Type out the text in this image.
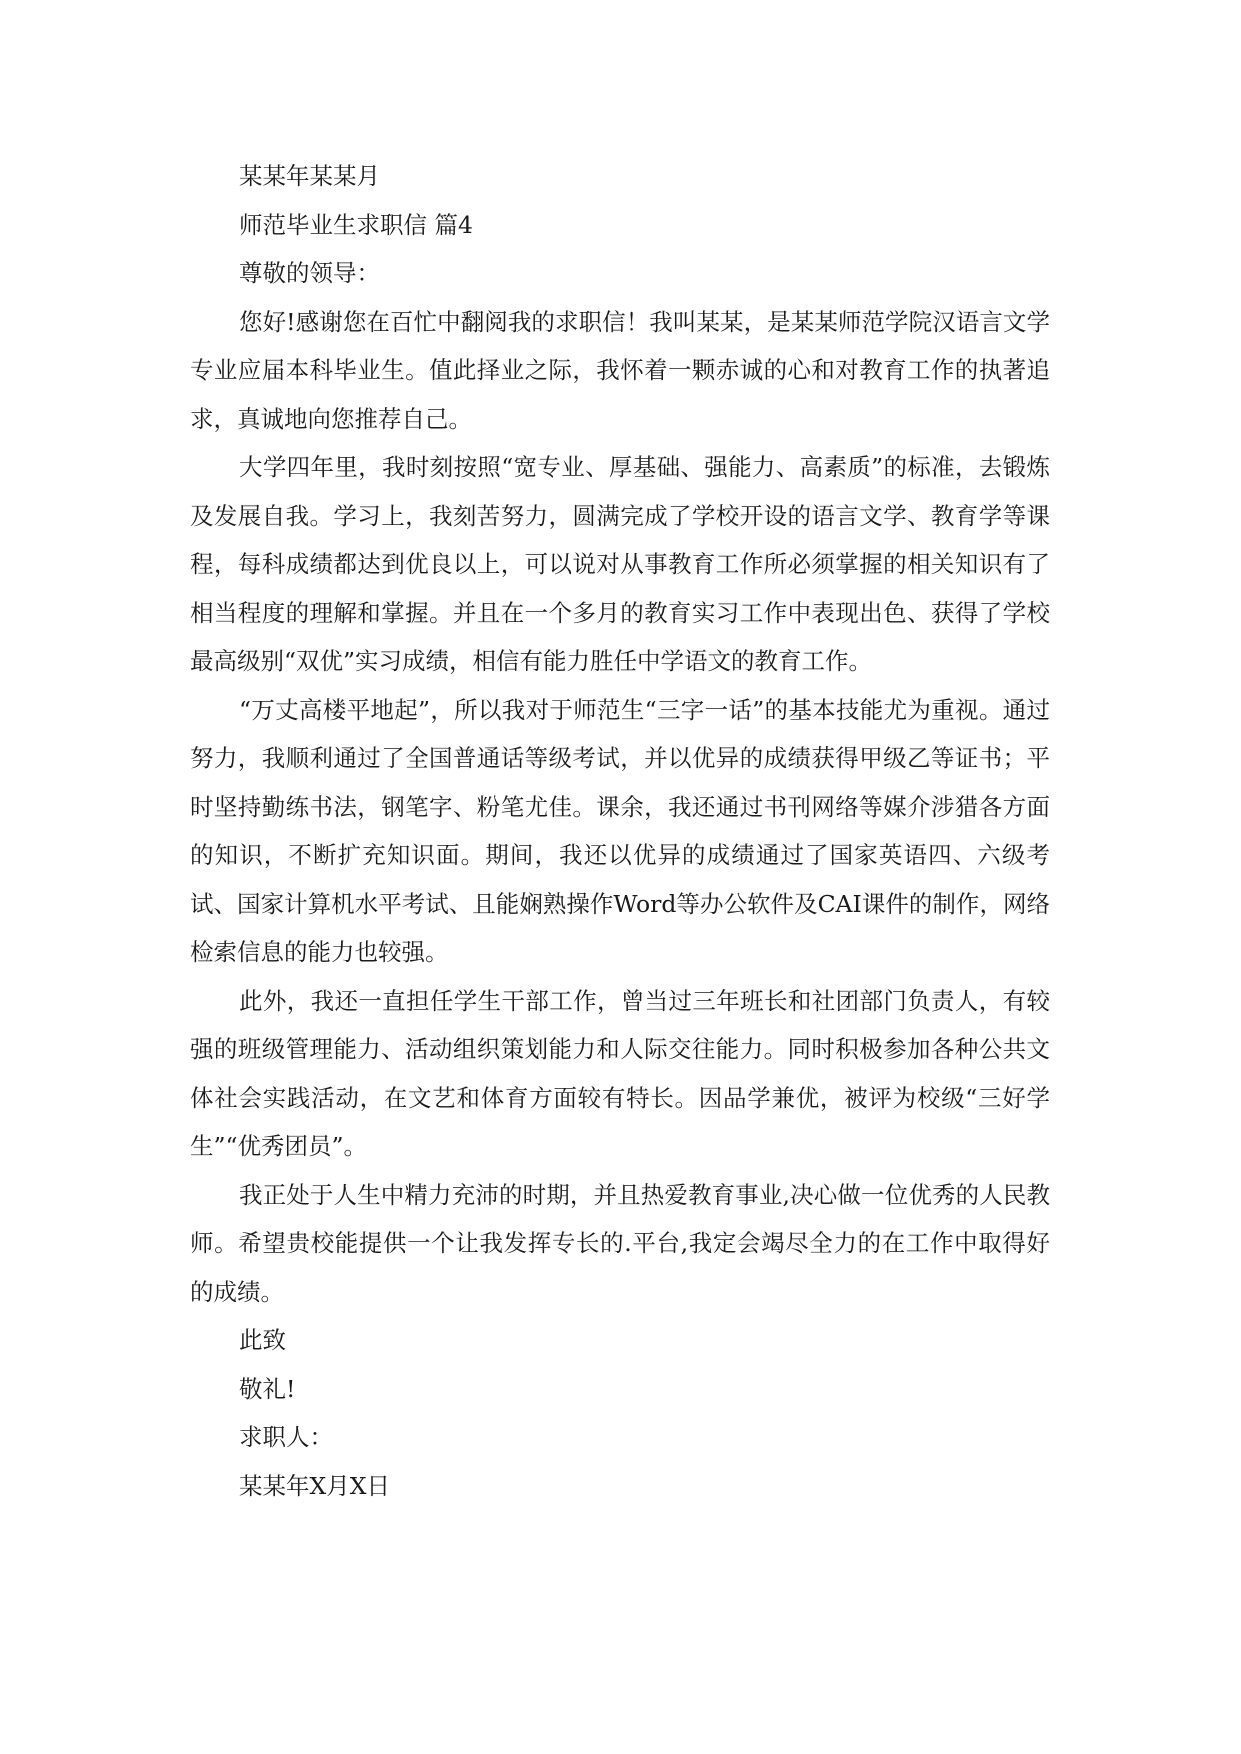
某某年某某月
师范毕业生求职信 篇4
尊敬的领导：

您好!感谢您在百忙中翻阅我的求职信！我叫某某，是某某师范学院汉语言文学专业应届本科毕业生。值此择业之际，我怀着一颗赤诚的心和对教育工作的执著追求，真诚地向您推荐自己。

大学四年里，我时刻按照“宽专业、厚基础、强能力、高素质”的标准，去锻炼及发展自我。学习上，我刻苦努力，圆满完成了学校开设的语言文学、教育学等课程，每科成绩都达到优良以上，可以说对从事教育工作所必须掌握的相关知识有了相当程度的理解和掌握。并且在一个多月的教育实习工作中表现出色、获得了学校最高级别“双优”实习成绩，相信有能力胜任中学语文的教育工作。

“万丈高楼平地起”，所以我对于师范生“三字一话”的基本技能尤为重视。通过努力，我顺利通过了全国普通话等级考试，并以优异的成绩获得甲级乙等证书；平时坚持勤练书法，钢笔字、粉笔尤佳。课余，我还通过书刊网络等媒介涉猎各方面的知识，不断扩充知识面。期间，我还以优异的成绩通过了国家英语四、六级考试、国家计算机水平考试、且能娴熟操作Word等办公软件及CAI课件的制作，网络检索信息的能力也较强。

此外，我还一直担任学生干部工作，曾当过三年班长和社团部门负责人，有较强的班级管理能力、活动组织策划能力和人际交往能力。同时积极参加各种公共文体社会实践活动，在文艺和体育方面较有特长。因品学兼优，被评为校级“三好学生”“优秀团员”。

我正处于人生中精力充沛的时期，并且热爱教育事业,决心做一位优秀的人民教师。希望贵校能提供一个让我发挥专长的.平台,我定会竭尽全力的在工作中取得好的成绩。

此致
敬礼!
求职人：
某某年X月X日
